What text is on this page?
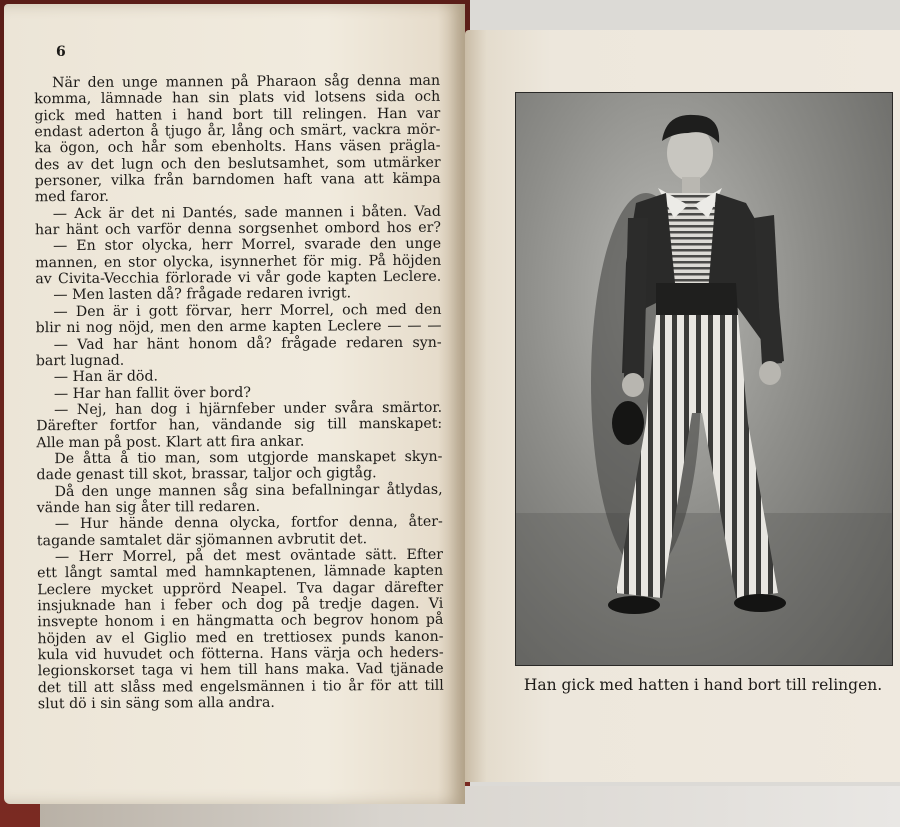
6
När den unge mannen på Pharaon såg denna man
komma, lämnade han sin plats vid lotsens sida och
gick med hatten i hand bort till relingen. Han var
endast aderton å tjugo år, lång och smärt, vackra mör-
ka ögon, och hår som ebenholts. Hans väsen prägla-
des av det lugn och den beslutsamhet, som utmärker
personer, vilka från barndomen haft vana att kämpa
med faror.
— Ack är det ni Dantés, sade mannen i båten. Vad
har hänt och varför denna sorgsenhet ombord hos er?
— En stor olycka, herr Morrel, svarade den unge
mannen, en stor olycka, isynnerhet för mig. På höjden
av Civita-Vecchia förlorade vi vår gode kapten Leclere.
— Men lasten då? frågade redaren ivrigt.
— Den är i gott förvar, herr Morrel, och med den
blir ni nog nöjd, men den arme kapten Leclere — — —
— Vad har hänt honom då? frågade redaren syn-
bart lugnad.
— Han är död.
— Har han fallit över bord?
— Nej, han dog i hjärnfeber under svåra smärtor.
Därefter fortfor han, vändande sig till manskapet:
Alle man på post. Klart att fira ankar.
De åtta å tio man, som utgjorde manskapet skyn-
dade genast till skot, brassar, taljor och gigtåg.
Då den unge mannen såg sina befallningar åtlydas,
vände han sig åter till redaren.
— Hur hände denna olycka, fortfor denna, åter-
tagande samtalet där sjömannen avbrutit det.
— Herr Morrel, på det mest oväntade sätt. Efter
ett långt samtal med hamnkaptenen, lämnade kapten
Leclere mycket upprörd Neapel. Tva dagar därefter
insjuknade han i feber och dog på tredje dagen. Vi
insvepte honom i en hängmatta och begrov honom på
höjden av el Giglio med en trettiosex punds kanon-
kula vid huvudet och fötterna. Hans värja och heders-
legionskorset taga vi hem till hans maka. Vad tjänade
det till att slåss med engelsmännen i tio år för att till
slut dö i sin säng som alla andra.
Han gick med hatten i hand bort till relingen.
